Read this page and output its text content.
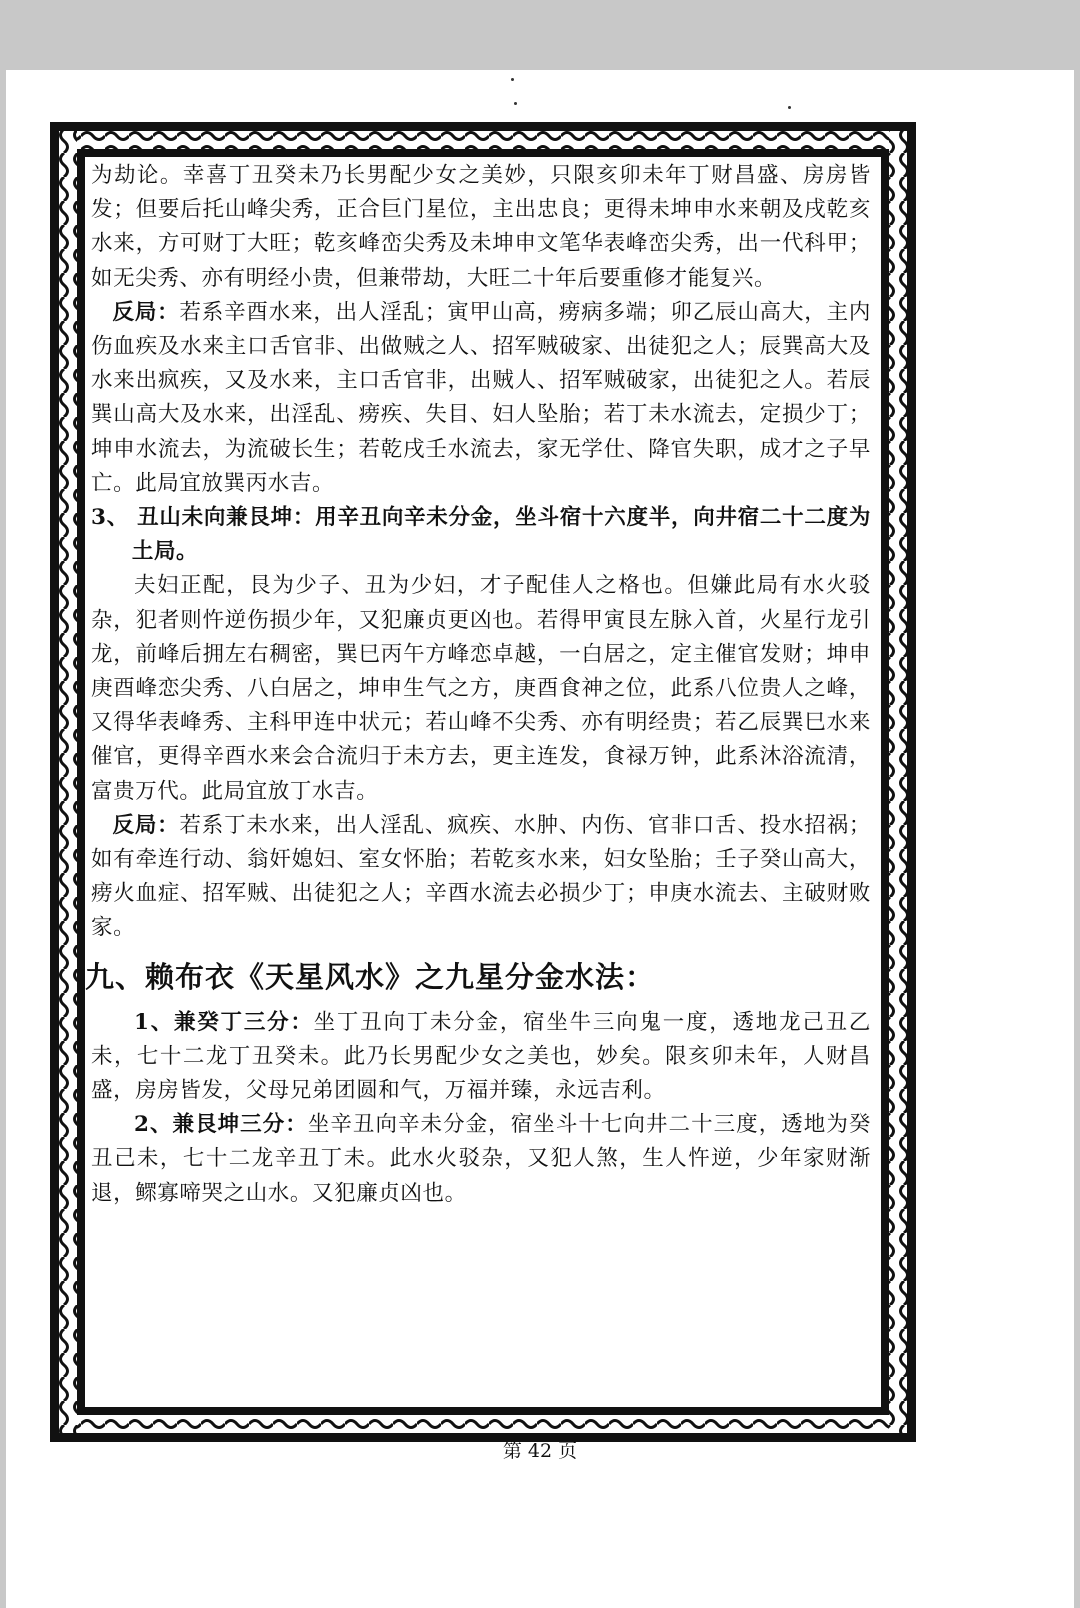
为劫论。幸喜丁丑癸未乃长男配少女之美妙，只限亥卯未年丁财昌盛、房房皆发；但要后托山峰尖秀，正合巨门星位，主出忠良；更得未坤申水来朝及戌乾亥水来，方可财丁大旺；乾亥峰峦尖秀及未坤申文笔华表峰峦尖秀，出一代科甲；如无尖秀、亦有明经小贵，但兼带劫，大旺二十年后要重修才能复兴。

反局：若系辛酉水来，出人淫乱；寅甲山高，痨病多端；卯乙辰山高大，主内伤血疾及水来主口舌官非、出做贼之人、招军贼破家、出徒犯之人；辰巽高大及水来出疯疾，又及水来，主口舌官非，出贼人、招军贼破家，出徒犯之人。若辰巽山高大及水来，出淫乱、痨疾、失目、妇人坠胎；若丁未水流去，定损少丁；坤申水流去，为流破长生；若乾戌壬水流去，家无学仕、降官失职，成才之子早亡。此局宜放巽丙水吉。

3、 丑山未向兼艮坤：用辛丑向辛未分金，坐斗宿十六度半，向井宿二十二度为土局。

夫妇正配，艮为少子、丑为少妇，才子配佳人之格也。但嫌此局有水火驳杂，犯者则忤逆伤损少年，又犯廉贞更凶也。若得甲寅艮左脉入首，火星行龙引龙，前峰后拥左右稠密，巽巳丙午方峰恋卓越，一白居之，定主催官发财；坤申庚酉峰恋尖秀、八白居之，坤申生气之方，庚酉食神之位，此系八位贵人之峰，又得华表峰秀、主科甲连中状元；若山峰不尖秀、亦有明经贵；若乙辰巽巳水来催官，更得辛酉水来会合流归于未方去，更主连发，食禄万钟，此系沐浴流清，富贵万代。此局宜放丁水吉。

反局：若系丁未水来，出人淫乱、疯疾、水肿、内伤、官非口舌、投水招祸；如有牵连行动、翁奸媳妇、室女怀胎；若乾亥水来，妇女坠胎；壬子癸山高大，痨火血症、招军贼、出徒犯之人；辛酉水流去必损少丁；申庚水流去、主破财败家。

九、赖布衣《天星风水》之九星分金水法：

1、兼癸丁三分：坐丁丑向丁未分金，宿坐牛三向鬼一度，透地龙己丑乙未，七十二龙丁丑癸未。此乃长男配少女之美也，妙矣。限亥卯未年，人财昌盛，房房皆发，父母兄弟团圆和气，万福并臻，永远吉利。

2、兼艮坤三分：坐辛丑向辛未分金，宿坐斗十七向井二十三度，透地为癸丑己未，七十二龙辛丑丁未。此水火驳杂，又犯人煞，生人忤逆，少年家财渐退，鳏寡啼哭之山水。又犯廉贞凶也。

第 42 页
